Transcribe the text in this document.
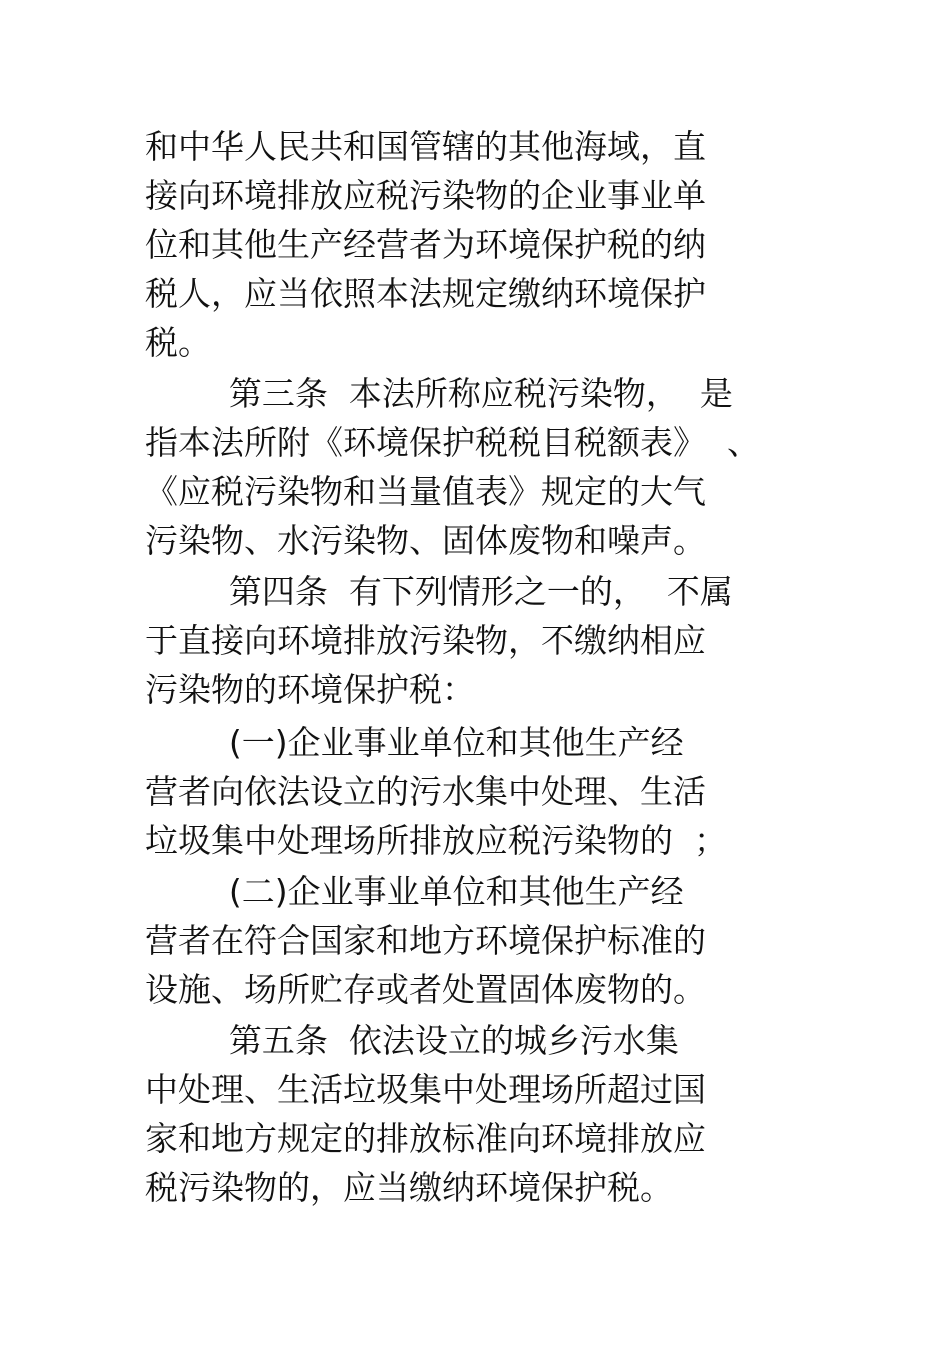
和中华人民共和国管辖的其他海域，直
接向环境排放应税污染物的企业事业单
位和其他生产经营者为环境保护税的纳
税人，应当依照本法规定缴纳环境保护
税。
第三条  本法所称应税污染物，  是
指本法所附《环境保护税税目税额表》  、
《应税污染物和当量值表》规定的大气
污染物、水污染物、固体废物和噪声。
第四条  有下列情形之一的，  不属
于直接向环境排放污染物，不缴纳相应
污染物的环境保护税：
(一)企业事业单位和其他生产经
营者向依法设立的污水集中处理、生活
垃圾集中处理场所排放应税污染物的  ；
(二)企业事业单位和其他生产经
营者在符合国家和地方环境保护标准的
设施、场所贮存或者处置固体废物的。
第五条  依法设立的城乡污水集
中处理、生活垃圾集中处理场所超过国
家和地方规定的排放标准向环境排放应
税污染物的，应当缴纳环境保护税。
